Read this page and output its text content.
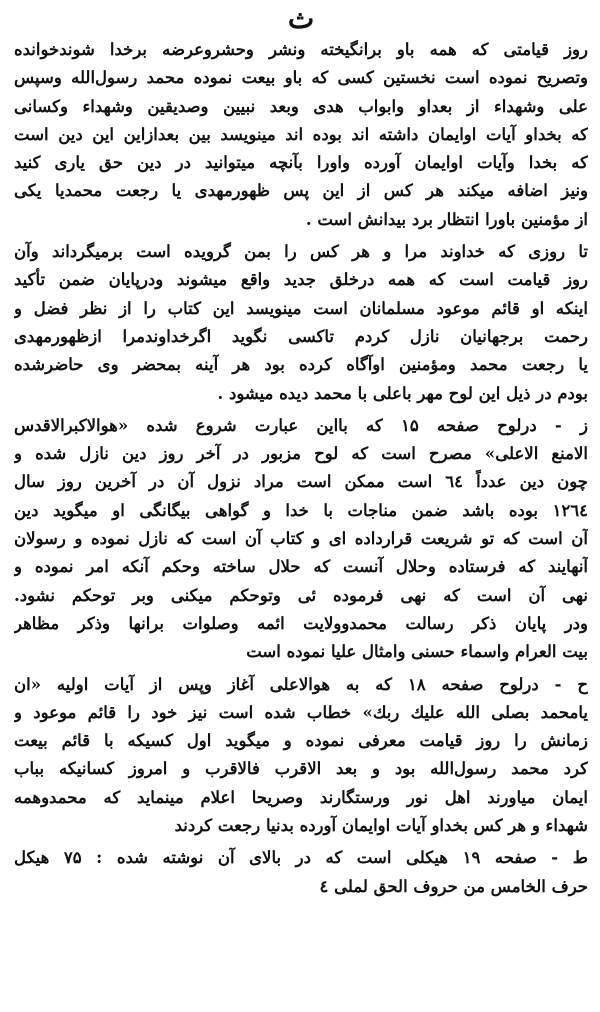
ث
روز قیامتی که همه باو برانگیخته ونشر وحشروعرضه برخدا شوندخوانده
وتصریح نموده است نخستین کسی که باو بیعت نموده محمد رسول‌الله وسپس
علی وشهداء از بعداو وابواب هدی وبعد نبیین وصدیقین وشهداء وکسانی
که بخداو آیات اوایمان داشته اند بوده اند مینویسد بین بعدازاین این دین است
که بخدا وآیات اوایمان آورده واورا بآنچه میتوانید در دین حق یاری کنید
ونیز اضافه میکند هر کس از این پس ظهورمهدی یا رجعت محمدیا یکی
از مؤمنین باورا انتظار برد بیدانش است .
تا روزی که خداوند مرا و هر کس را بمن گرویده است برمیگرداند وآن
روز قیامت است که همه درخلق جدید واقع میشوند ودرپایان ضمن تأکید
اینکه او قائم موعود مسلمانان است مینویسد این کتاب را از نظر فضل و
رحمت برجهانیان نازل کردم تاکسی نگوید اگرخداوندمرا ازظهورمهدی
یا رجعت محمد ومؤمنین اوآگاه کرده بود هر آینه بمحضر وی حاضرشده
بودم در ذیل این لوح مهر باعلی با محمد دیده میشود .
ز - درلوح صفحه ۱۵ که بااین عبارت شروع شده «هوالاکبرالاقدس
الامنع الاعلی» مصرح است که لوح مزبور در آخر روز دین نازل شده و
چون دین عدداً ٦٤ است ممکن است مراد نزول آن در آخرین روز سال
١٢٦٤ بوده باشد ضمن مناجات با خدا و گواهی بیگانگی او میگوید دین
آن است که تو شریعت قرارداده ای و کتاب آن است که نازل نموده و رسولان
آنهایند که فرستاده وحلال آنست که حلال ساخته وحکم آنکه امر نموده و
نهی آن است که نهی فرموده ئی وتوحکم میکنی وبر توحکم نشود.
ودر پایان ذکر رسالت محمدوولایت ائمه وصلوات برانها وذکر مظاهر
بیت العرام واسماء حسنی وامثال علیا نموده است
ح - درلوح صفحه ۱۸ که به هوالاعلی آغاز وپس از آیات اولیه «ان
یامحمد بصلی الله علیك ربك» خطاب شده است نیز خود را قائم موعود و
زمانش را روز قیامت معرفی نموده و میگوید اول کسیکه با قائم بیعت
کرد محمد رسول‌الله بود و بعد الاقرب فالاقرب و امروز کسانیکه بباب
ایمان میاورند اهل نور ورستگارند وصریحا اعلام مینماید که محمدوهمه
شهداء و هر کس بخداو آیات اوایمان آورده بدنیا رجعت کردند
ط - صفحه ۱۹ هیکلی است که در بالای آن نوشته شده : ۷۵ هیکل
حرف الخامس من حروف الحق لملی ٤
